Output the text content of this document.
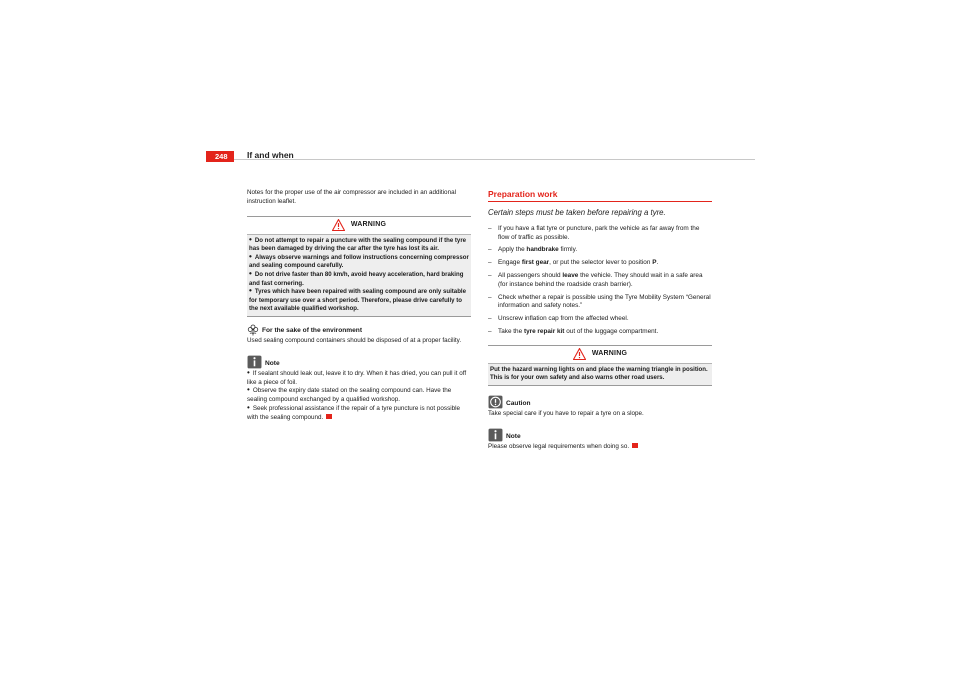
248	If and when

Notes for the proper use of the air compressor are included in an additional instruction leaflet.

WARNING

• Do not attempt to repair a puncture with the sealing compound if the tyre has been damaged by driving the car after the tyre has lost its air.

• Always observe warnings and follow instructions concerning compressor and sealing compound carefully.

• Do not drive faster than 80 km/h, avoid heavy acceleration, hard braking and fast cornering.

• Tyres which have been repaired with sealing compound are only suitable for temporary use over a short period. Therefore, please drive carefully to the next available qualified workshop.

For the sake of the environment

Used sealing compound containers should be disposed of at a proper facility.

Note

• If sealant should leak out, leave it to dry. When it has dried, you can pull it off like a piece of foil.

• Observe the expiry date stated on the sealing compound can. Have the sealing compound exchanged by a qualified workshop.

• Seek professional assistance if the repair of a tyre puncture is not possible with the sealing compound.

Preparation work
Certain steps must be taken before repairing a tyre.
–	If you have a flat tyre or puncture, park the vehicle as far away from the flow of traffic as possible.
–	Apply the handbrake firmly.
–	Engage first gear, or put the selector lever to position P.
–	All passengers should leave the vehicle. They should wait in a safe area (for instance behind the roadside crash barrier).
–	Check whether a repair is possible using the Tyre Mobility System “General information and safety notes.”
–	Unscrew inflation cap from the affected wheel.
–	Take the tyre repair kit out of the luggage compartment.
WARNING
Put the hazard warning lights on and place the warning triangle in position. This is for your own safety and also warns other road users.
Caution

Take special care if you have to repair a tyre on a slope.

Note

Please observe legal requirements when doing so.
